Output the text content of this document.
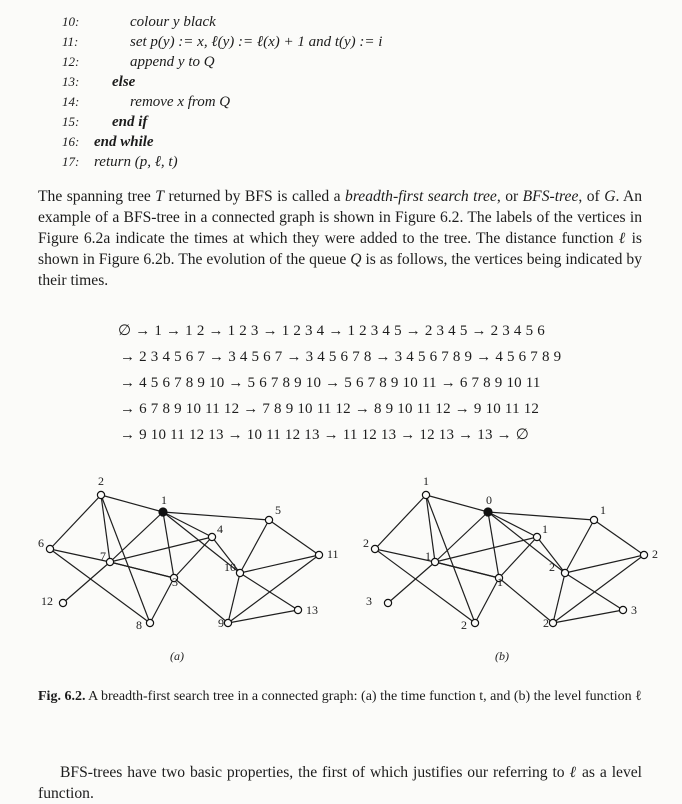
10:	colour y black
11:	set p(y) := x, ℓ(y) := ℓ(x) + 1 and t(y) := i
12:	append y to Q
13:	else
14:	remove x from Q
15:	end if
16: end while
17: return (p, ℓ, t)

The spanning tree T returned by BFS is called a breadth-first search tree, or BFS-tree, of G. An example of a BFS-tree in a connected graph is shown in Figure 6.2. The labels of the vertices in Figure 6.2a indicate the times at which they were added to the tree. The distance function ℓ is shown in Figure 6.2b. The evolution of the queue Q is as follows, the vertices being indicated by their times.

∅ → 1 → 1 2 → 1 2 3 → 1 2 3 4 → 1 2 3 4 5 → 2 3 4 5 → 2 3 4 5 6
→ 2 3 4 5 6 7 → 3 4 5 6 7 → 3 4 5 6 7 8 → 3 4 5 6 7 8 9 → 4 5 6 7 8 9
→ 4 5 6 7 8 9 10 → 5 6 7 8 9 10 → 5 6 7 8 9 10 11 → 6 7 8 9 10 11
→ 6 7 8 9 10 11 12 → 7 8 9 10 11 12 → 8 9 10 11 12 → 9 10 11 12
→ 9 10 11 12 13 → 10 11 12 13 → 11 12 13 → 12 13 → 13 → ∅
1
2
3
4
5
6
7
8	9
10
11
12
13
0
1
1
1
1
2
1
2	2
2
2
3
3
(a)	(b)
Fig. 6.2. A breadth-first search tree in a connected graph: (a) the time function t, and (b) the level function ℓ

BFS-trees have two basic properties, the first of which justifies our referring to ℓ as a level function.
